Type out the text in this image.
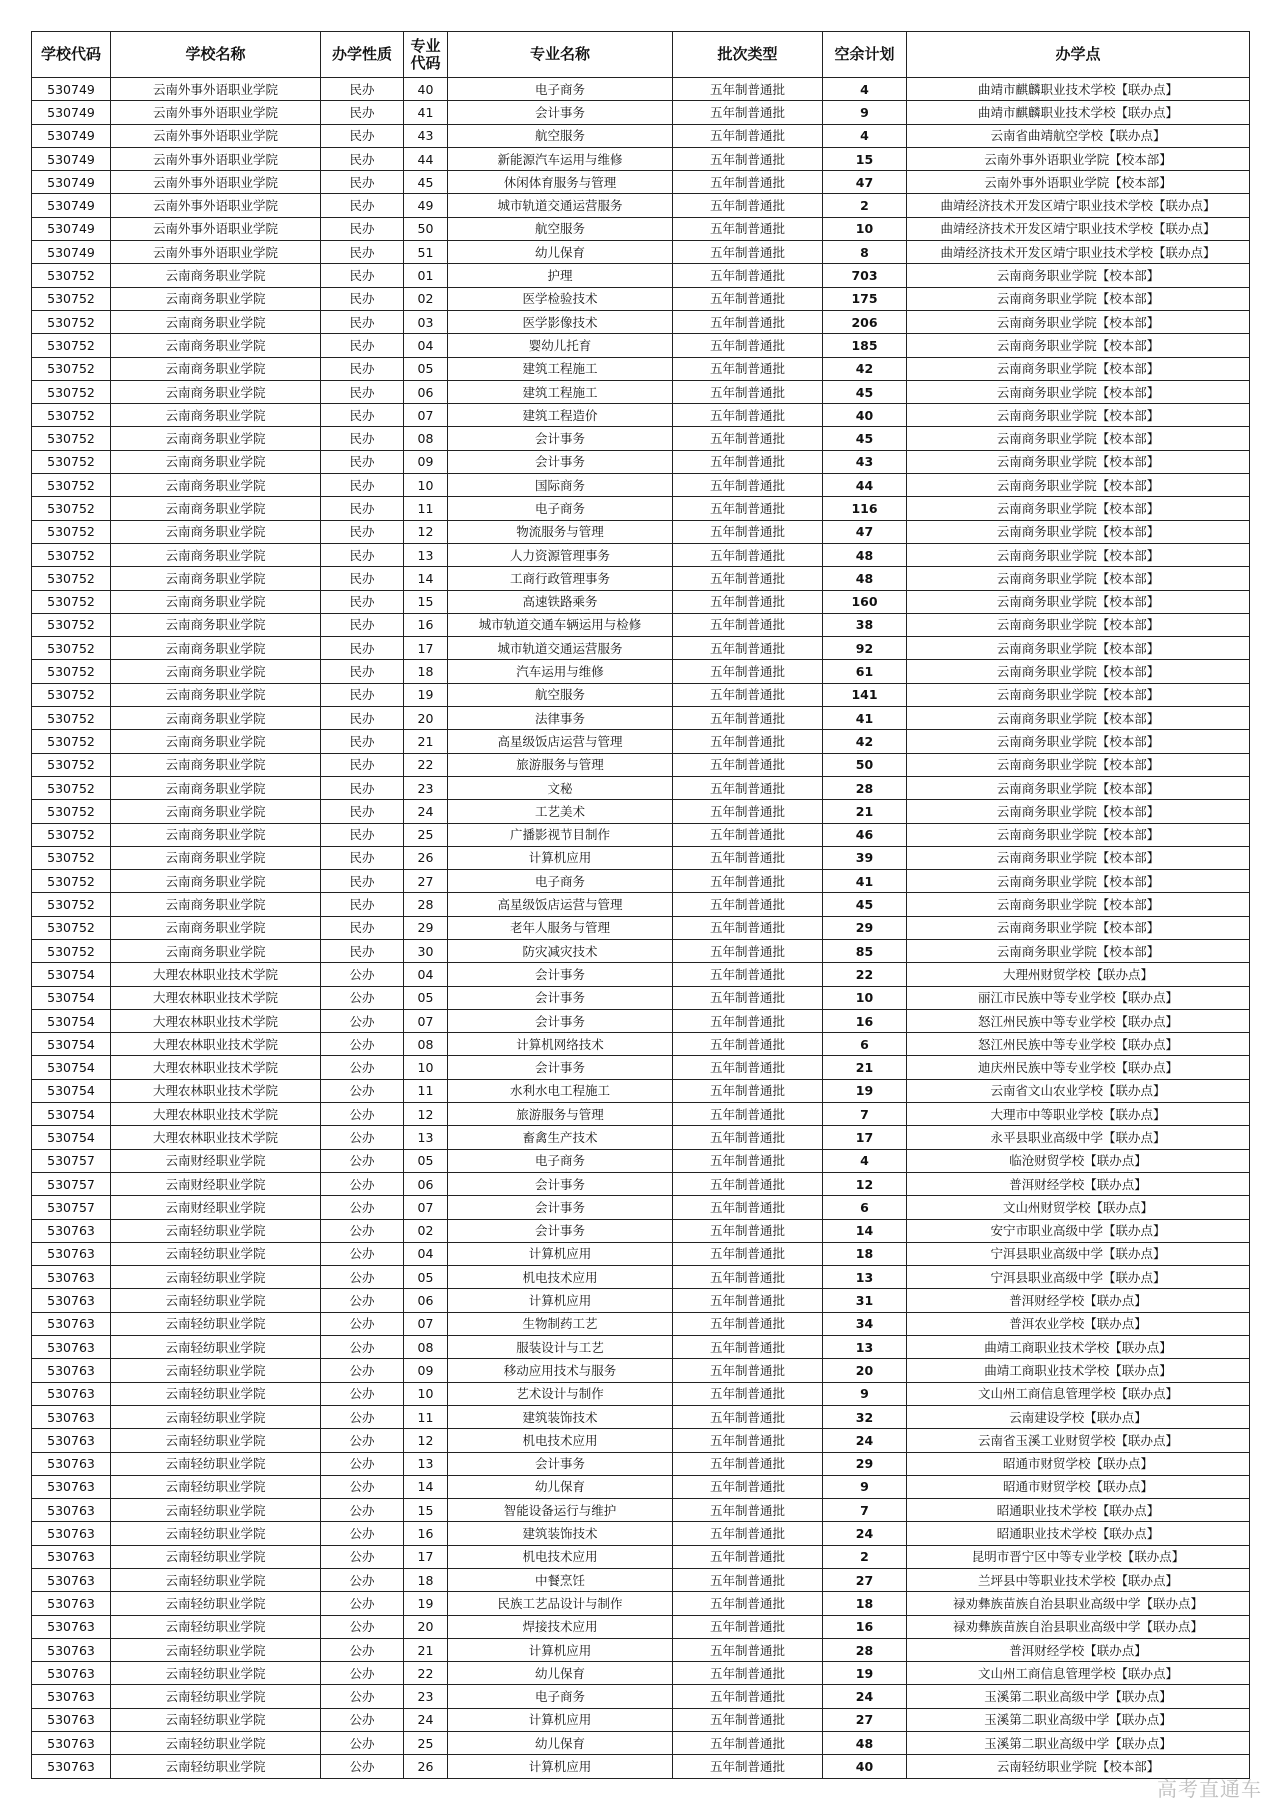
学校代码	学校名称	办学性质	专业代码	专业名称	批次类型	空余计划	办学点
530749	云南外事外语职业学院	民办	40	电子商务	五年制普通批	4	曲靖市麒麟职业技术学校【联办点】
530749	云南外事外语职业学院	民办	41	会计事务	五年制普通批	9	曲靖市麒麟职业技术学校【联办点】
530749	云南外事外语职业学院	民办	43	航空服务	五年制普通批	4	云南省曲靖航空学校【联办点】
530749	云南外事外语职业学院	民办	44	新能源汽车运用与维修	五年制普通批	15	云南外事外语职业学院【校本部】
530749	云南外事外语职业学院	民办	45	休闲体育服务与管理	五年制普通批	47	云南外事外语职业学院【校本部】
530749	云南外事外语职业学院	民办	49	城市轨道交通运营服务	五年制普通批	2	曲靖经济技术开发区靖宁职业技术学校【联办点】
530749	云南外事外语职业学院	民办	50	航空服务	五年制普通批	10	曲靖经济技术开发区靖宁职业技术学校【联办点】
530749	云南外事外语职业学院	民办	51	幼儿保育	五年制普通批	8	曲靖经济技术开发区靖宁职业技术学校【联办点】
530752	云南商务职业学院	民办	01	护理	五年制普通批	703	云南商务职业学院【校本部】
530752	云南商务职业学院	民办	02	医学检验技术	五年制普通批	175	云南商务职业学院【校本部】
530752	云南商务职业学院	民办	03	医学影像技术	五年制普通批	206	云南商务职业学院【校本部】
530752	云南商务职业学院	民办	04	婴幼儿托育	五年制普通批	185	云南商务职业学院【校本部】
530752	云南商务职业学院	民办	05	建筑工程施工	五年制普通批	42	云南商务职业学院【校本部】
530752	云南商务职业学院	民办	06	建筑工程施工	五年制普通批	45	云南商务职业学院【校本部】
530752	云南商务职业学院	民办	07	建筑工程造价	五年制普通批	40	云南商务职业学院【校本部】
530752	云南商务职业学院	民办	08	会计事务	五年制普通批	45	云南商务职业学院【校本部】
530752	云南商务职业学院	民办	09	会计事务	五年制普通批	43	云南商务职业学院【校本部】
530752	云南商务职业学院	民办	10	国际商务	五年制普通批	44	云南商务职业学院【校本部】
530752	云南商务职业学院	民办	11	电子商务	五年制普通批	116	云南商务职业学院【校本部】
530752	云南商务职业学院	民办	12	物流服务与管理	五年制普通批	47	云南商务职业学院【校本部】
530752	云南商务职业学院	民办	13	人力资源管理事务	五年制普通批	48	云南商务职业学院【校本部】
530752	云南商务职业学院	民办	14	工商行政管理事务	五年制普通批	48	云南商务职业学院【校本部】
530752	云南商务职业学院	民办	15	高速铁路乘务	五年制普通批	160	云南商务职业学院【校本部】
530752	云南商务职业学院	民办	16	城市轨道交通车辆运用与检修	五年制普通批	38	云南商务职业学院【校本部】
530752	云南商务职业学院	民办	17	城市轨道交通运营服务	五年制普通批	92	云南商务职业学院【校本部】
530752	云南商务职业学院	民办	18	汽车运用与维修	五年制普通批	61	云南商务职业学院【校本部】
530752	云南商务职业学院	民办	19	航空服务	五年制普通批	141	云南商务职业学院【校本部】
530752	云南商务职业学院	民办	20	法律事务	五年制普通批	41	云南商务职业学院【校本部】
530752	云南商务职业学院	民办	21	高星级饭店运营与管理	五年制普通批	42	云南商务职业学院【校本部】
530752	云南商务职业学院	民办	22	旅游服务与管理	五年制普通批	50	云南商务职业学院【校本部】
530752	云南商务职业学院	民办	23	文秘	五年制普通批	28	云南商务职业学院【校本部】
530752	云南商务职业学院	民办	24	工艺美术	五年制普通批	21	云南商务职业学院【校本部】
530752	云南商务职业学院	民办	25	广播影视节目制作	五年制普通批	46	云南商务职业学院【校本部】
530752	云南商务职业学院	民办	26	计算机应用	五年制普通批	39	云南商务职业学院【校本部】
530752	云南商务职业学院	民办	27	电子商务	五年制普通批	41	云南商务职业学院【校本部】
530752	云南商务职业学院	民办	28	高星级饭店运营与管理	五年制普通批	45	云南商务职业学院【校本部】
530752	云南商务职业学院	民办	29	老年人服务与管理	五年制普通批	29	云南商务职业学院【校本部】
530752	云南商务职业学院	民办	30	防灾减灾技术	五年制普通批	85	云南商务职业学院【校本部】
530754	大理农林职业技术学院	公办	04	会计事务	五年制普通批	22	大理州财贸学校【联办点】
530754	大理农林职业技术学院	公办	05	会计事务	五年制普通批	10	丽江市民族中等专业学校【联办点】
530754	大理农林职业技术学院	公办	07	会计事务	五年制普通批	16	怒江州民族中等专业学校【联办点】
530754	大理农林职业技术学院	公办	08	计算机网络技术	五年制普通批	6	怒江州民族中等专业学校【联办点】
530754	大理农林职业技术学院	公办	10	会计事务	五年制普通批	21	迪庆州民族中等专业学校【联办点】
530754	大理农林职业技术学院	公办	11	水利水电工程施工	五年制普通批	19	云南省文山农业学校【联办点】
530754	大理农林职业技术学院	公办	12	旅游服务与管理	五年制普通批	7	大理市中等职业学校【联办点】
530754	大理农林职业技术学院	公办	13	畜禽生产技术	五年制普通批	17	永平县职业高级中学【联办点】
530757	云南财经职业学院	公办	05	电子商务	五年制普通批	4	临沧财贸学校【联办点】
530757	云南财经职业学院	公办	06	会计事务	五年制普通批	12	普洱财经学校【联办点】
530757	云南财经职业学院	公办	07	会计事务	五年制普通批	6	文山州财贸学校【联办点】
530763	云南轻纺职业学院	公办	02	会计事务	五年制普通批	14	安宁市职业高级中学【联办点】
530763	云南轻纺职业学院	公办	04	计算机应用	五年制普通批	18	宁洱县职业高级中学【联办点】
530763	云南轻纺职业学院	公办	05	机电技术应用	五年制普通批	13	宁洱县职业高级中学【联办点】
530763	云南轻纺职业学院	公办	06	计算机应用	五年制普通批	31	普洱财经学校【联办点】
530763	云南轻纺职业学院	公办	07	生物制药工艺	五年制普通批	34	普洱农业学校【联办点】
530763	云南轻纺职业学院	公办	08	服装设计与工艺	五年制普通批	13	曲靖工商职业技术学校【联办点】
530763	云南轻纺职业学院	公办	09	移动应用技术与服务	五年制普通批	20	曲靖工商职业技术学校【联办点】
530763	云南轻纺职业学院	公办	10	艺术设计与制作	五年制普通批	9	文山州工商信息管理学校【联办点】
530763	云南轻纺职业学院	公办	11	建筑装饰技术	五年制普通批	32	云南建设学校【联办点】
530763	云南轻纺职业学院	公办	12	机电技术应用	五年制普通批	24	云南省玉溪工业财贸学校【联办点】
530763	云南轻纺职业学院	公办	13	会计事务	五年制普通批	29	昭通市财贸学校【联办点】
530763	云南轻纺职业学院	公办	14	幼儿保育	五年制普通批	9	昭通市财贸学校【联办点】
530763	云南轻纺职业学院	公办	15	智能设备运行与维护	五年制普通批	7	昭通职业技术学校【联办点】
530763	云南轻纺职业学院	公办	16	建筑装饰技术	五年制普通批	24	昭通职业技术学校【联办点】
530763	云南轻纺职业学院	公办	17	机电技术应用	五年制普通批	2	昆明市晋宁区中等专业学校【联办点】
530763	云南轻纺职业学院	公办	18	中餐烹饪	五年制普通批	27	兰坪县中等职业技术学校【联办点】
530763	云南轻纺职业学院	公办	19	民族工艺品设计与制作	五年制普通批	18	禄劝彝族苗族自治县职业高级中学【联办点】
530763	云南轻纺职业学院	公办	20	焊接技术应用	五年制普通批	16	禄劝彝族苗族自治县职业高级中学【联办点】
530763	云南轻纺职业学院	公办	21	计算机应用	五年制普通批	28	普洱财经学校【联办点】
530763	云南轻纺职业学院	公办	22	幼儿保育	五年制普通批	19	文山州工商信息管理学校【联办点】
530763	云南轻纺职业学院	公办	23	电子商务	五年制普通批	24	玉溪第二职业高级中学【联办点】
530763	云南轻纺职业学院	公办	24	计算机应用	五年制普通批	27	玉溪第二职业高级中学【联办点】
530763	云南轻纺职业学院	公办	25	幼儿保育	五年制普通批	48	玉溪第二职业高级中学【联办点】
530763	云南轻纺职业学院	公办	26	计算机应用	五年制普通批	40	云南轻纺职业学院【校本部】
高考直通车
